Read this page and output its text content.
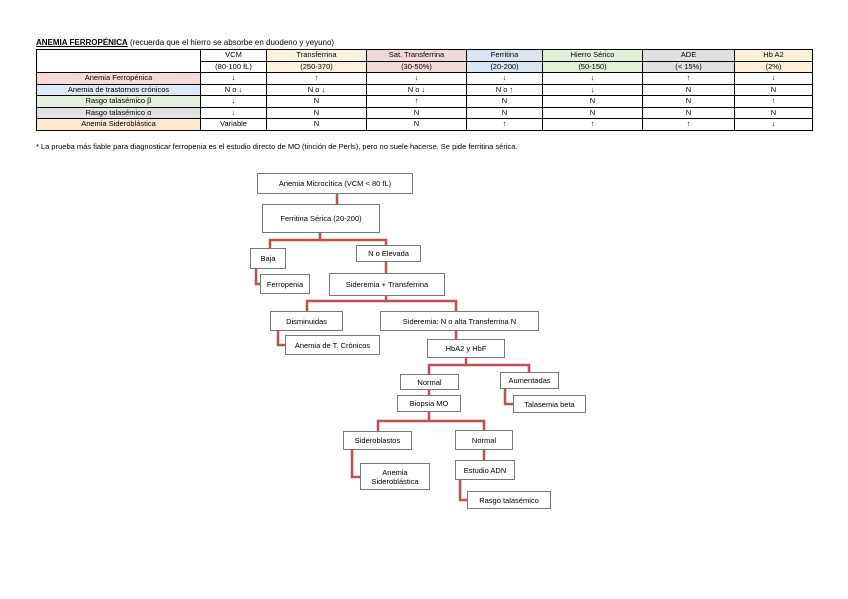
ANEMIA FERROPÉNICA (recuerda que el hierro se absorbe en duodeno y yeyuno)
	VCM	Transferrina	Sat. Transferrina	Ferritina	Hierro Sérico	ADE	Hb A2
	(80-100 fL)	(250-370)	(30-50%)	(20-200)	(50-150)	(< 15%)	(2%)
Anemia Ferropénica	↓	↑	↓	↓	↓	↑	↓
Anemia de trastornos crónicos	N o ↓	N o ↓	N o ↓	N o ↑	↓	N	N
Rasgo talasémico β	↓	N	↑	N	N	N	↑
Rasgo talasémico α	↓	N	N	N	N	N	N
Anemia Sideroblástica	Variable	N	N	↑	↑	↑	↓
* La prueba más fiable para diagnosticar ferropenia es el estudio directo de MO (tinción de Perls), pero no suele hacerse. Se pide ferritina sérica.
Anemia Microcítica (VCM < 80 fL)
Ferritina Sérica (20-200)
Baja
N o Elevada
Ferropenia	Sideremia + Transferrina
Disminuidas	Sideremia: N o alta Transferrina N
Anemia de T. Crónicos	HbA2 y HbF
Normal	Aumentadas
Biopsia MO	Talasemia beta
Sideroblastos	Normal
Anemia Sideroblástica
Estudio ADN
Rasgo talasémico
